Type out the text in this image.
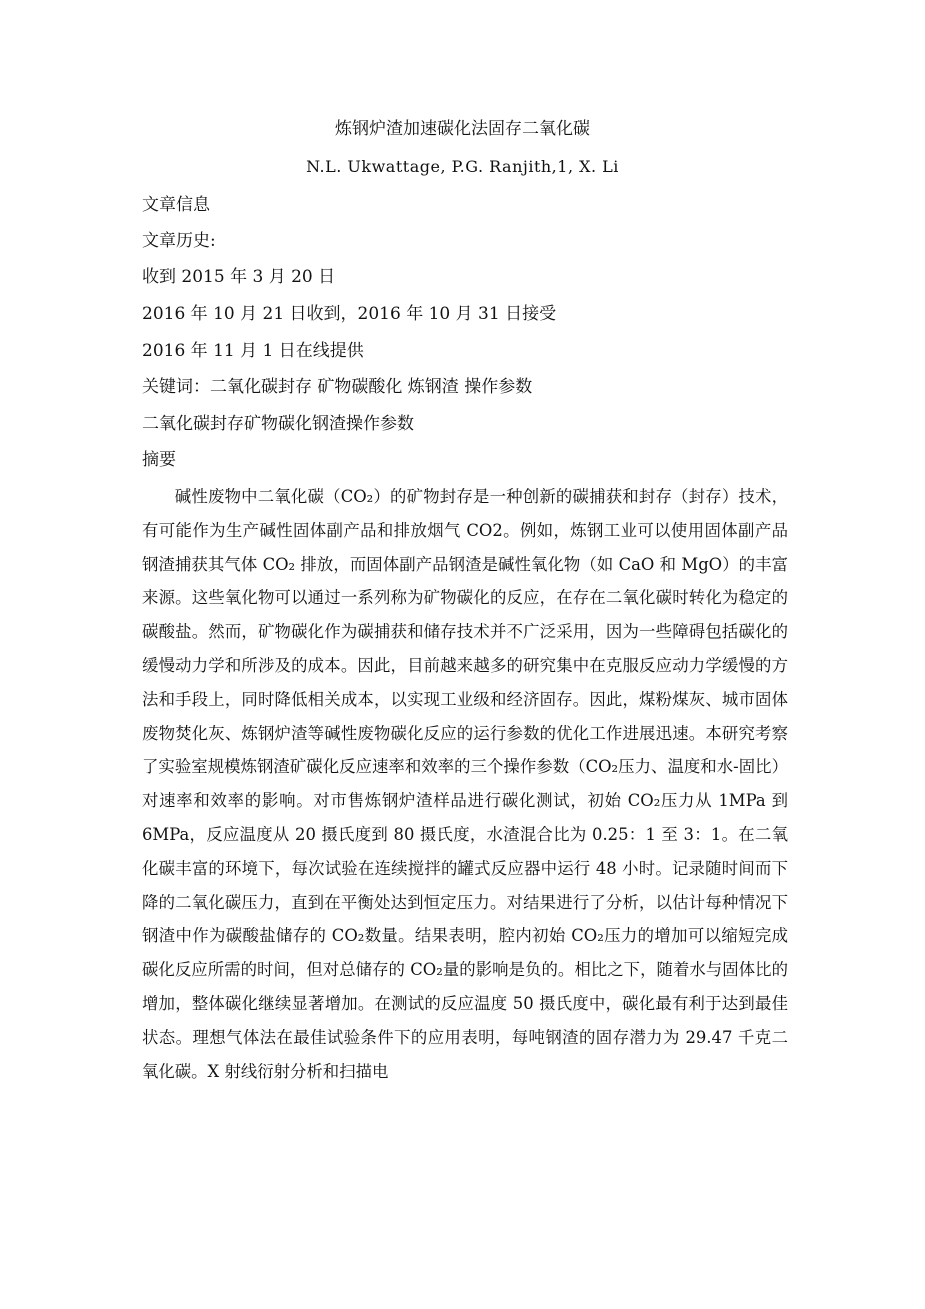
炼钢炉渣加速碳化法固存二氧化碳
N.L. Ukwattage, P.G. Ranjith,1, X. Li
文章信息
文章历史:
收到 2015 年 3 月 20 日
2016 年 10 月 21 日收到，2016 年 10 月 31 日接受
2016 年 11 月 1 日在线提供
关键词：二氧化碳封存 矿物碳酸化 炼钢渣 操作参数
二氧化碳封存矿物碳化钢渣操作参数
摘要

碱性废物中二氧化碳（CO₂）的矿物封存是一种创新的碳捕获和封存（封存）技术，有可能作为生产碱性固体副产品和排放烟气 CO2。例如，炼钢工业可以使用固体副产品钢渣捕获其气体 CO₂ 排放，而固体副产品钢渣是碱性氧化物（如 CaO 和 MgO）的丰富来源。这些氧化物可以通过一系列称为矿物碳化的反应，在存在二氧化碳时转化为稳定的碳酸盐。然而，矿物碳化作为碳捕获和储存技术并不广泛采用，因为一些障碍包括碳化的缓慢动力学和所涉及的成本。因此，目前越来越多的研究集中在克服反应动力学缓慢的方法和手段上，同时降低相关成本，以实现工业级和经济固存。因此，煤粉煤灰、城市固体废物焚化灰、炼钢炉渣等碱性废物碳化反应的运行参数的优化工作进展迅速。本研究考察了实验室规模炼钢渣矿碳化反应速率和效率的三个操作参数（CO₂压力、温度和水-固比）对速率和效率的影响。对市售炼钢炉渣样品进行碳化测试，初始 CO₂压力从 1MPa 到 6MPa，反应温度从 20 摄氏度到 80 摄氏度，水渣混合比为 0.25：1 至 3：1。在二氧化碳丰富的环境下，每次试验在连续搅拌的罐式反应器中运行 48 小时。记录随时间而下降的二氧化碳压力，直到在平衡处达到恒定压力。对结果进行了分析，以估计每种情况下钢渣中作为碳酸盐储存的 CO₂数量。结果表明，腔内初始 CO₂压力的增加可以缩短完成碳化反应所需的时间，但对总储存的 CO₂量的影响是负的。相比之下，随着水与固体比的增加，整体碳化继续显著增加。在测试的反应温度 50 摄氏度中，碳化最有利于达到最佳状态。理想气体法在最佳试验条件下的应用表明，每吨钢渣的固存潜力为 29.47 千克二氧化碳。X 射线衍射分析和扫描电
